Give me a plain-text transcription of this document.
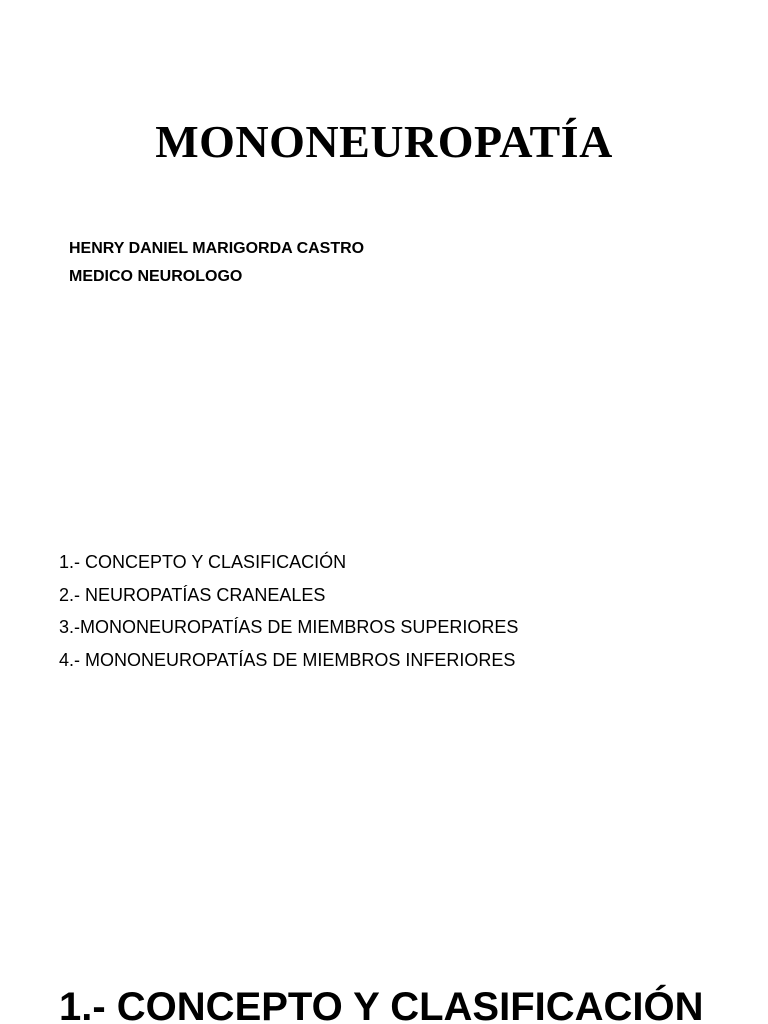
MONONEUROPATÍA
HENRY DANIEL MARIGORDA CASTRO
MEDICO NEUROLOGO
1.- CONCEPTO Y CLASIFICACIÓN
2.- NEUROPATÍAS CRANEALES
3.-MONONEUROPATÍAS DE MIEMBROS SUPERIORES
4.- MONONEUROPATÍAS DE MIEMBROS INFERIORES
1.- CONCEPTO Y CLASIFICACIÓN
